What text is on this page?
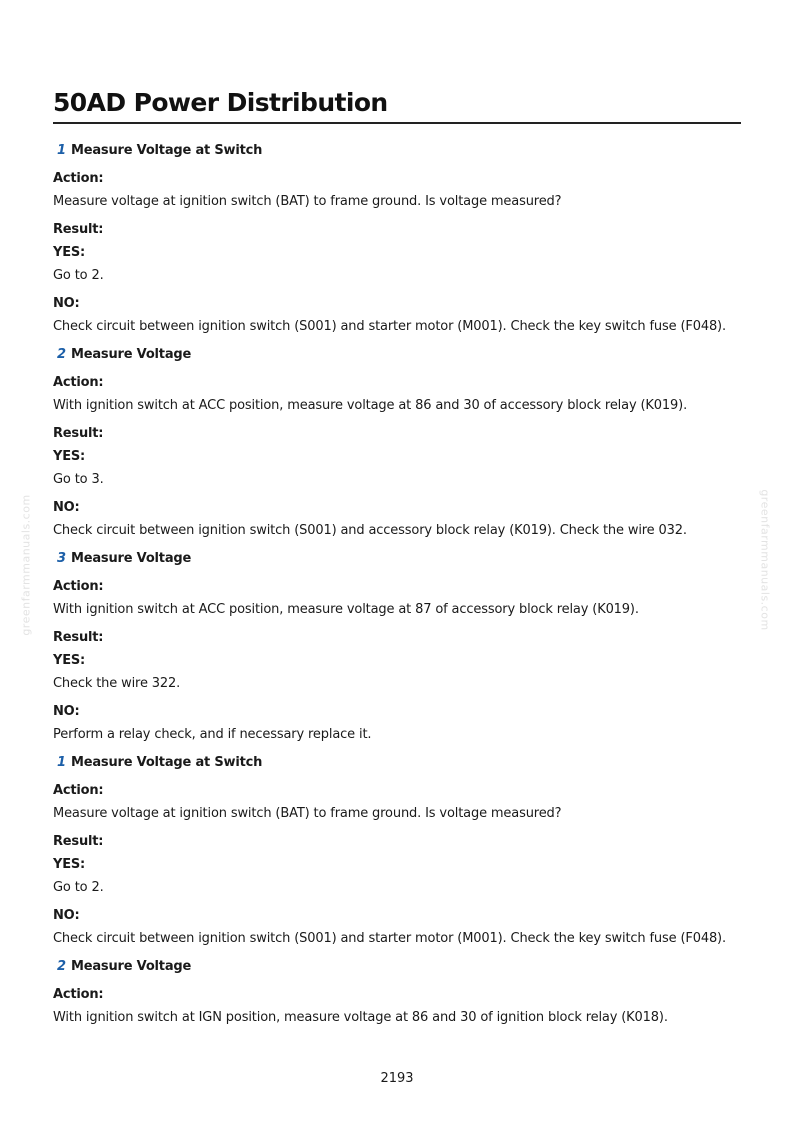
50AD Power Distribution
greenfarmmanuals.com	greenfarmmanuals.com
1 Measure Voltage at Switch
Action:
Measure voltage at ignition switch (BAT) to frame ground. Is voltage measured?
Result:
YES:
Go to 2.
NO:
Check circuit between ignition switch (S001) and starter motor (M001). Check the key switch fuse (F048).
2 Measure Voltage
Action:
With ignition switch at ACC position, measure voltage at 86 and 30 of accessory block relay (K019).
Result:
YES:
Go to 3.
NO:
Check circuit between ignition switch (S001) and accessory block relay (K019). Check the wire 032.
3 Measure Voltage
Action:
With ignition switch at ACC position, measure voltage at 87 of accessory block relay (K019).
Result:
YES:
Check the wire 322.
NO:
Perform a relay check, and if necessary replace it.
1 Measure Voltage at Switch
Action:
Measure voltage at ignition switch (BAT) to frame ground. Is voltage measured?
Result:
YES:
Go to 2.
NO:
Check circuit between ignition switch (S001) and starter motor (M001). Check the key switch fuse (F048).
2 Measure Voltage
Action:
With ignition switch at IGN position, measure voltage at 86 and 30 of ignition block relay (K018).
2193
